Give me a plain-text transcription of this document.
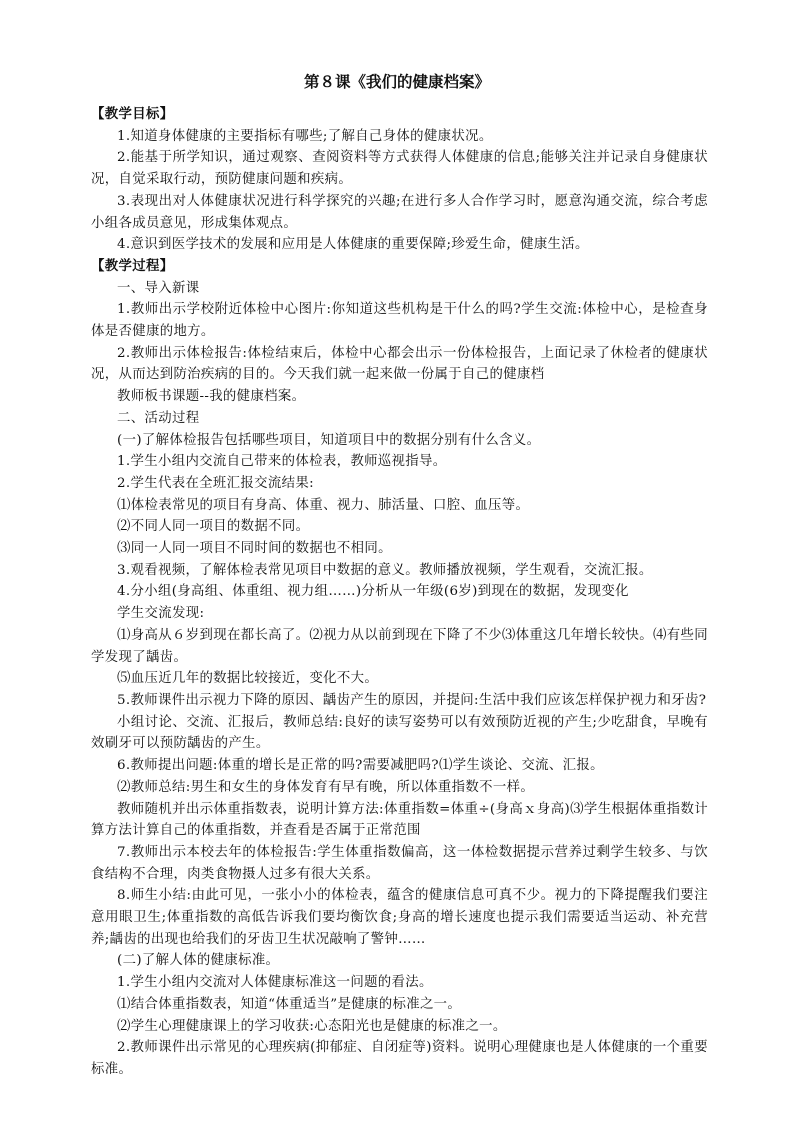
第８课《我们的健康档案》

【教学目标】

1.知道身体健康的主要指标有哪些;了解自己身体的健康状况。

2.能基于所学知识，通过观察、查阅资料等方式获得人体健康的信息;能够关注并记录自身健康状况，自觉采取行动，预防健康问题和疾病。

3.表现出对人体健康状况进行科学探究的兴趣;在进行多人合作学习时，愿意沟通交流，综合考虑小组各成员意见，形成集体观点。

4.意识到医学技术的发展和应用是人体健康的重要保障;珍爱生命，健康生活。

【教学过程】

一、导入新课

1.教师出示学校附近体检中心图片:你知道这些机构是干什么的吗?学生交流:体检中心，是检查身体是否健康的地方。

2.教师出示体检报告:体检结束后，体检中心都会出示一份体检报告，上面记录了休检者的健康状况，从而达到防治疾病的目的。今天我们就一起来做一份属于自己的健康档

教师板书课题--我的健康档案。

二、活动过程

(一)了解体检报告包括哪些项目，知道项目中的数据分别有什么含义。

1.学生小组内交流自己带来的体检表，教师巡视指导。

2.学生代表在全班汇报交流结果:

⑴体检表常见的项目有身高、体重、视力、肺活量、口腔、血压等。

⑵不同人同一项目的数据不同。

⑶同一人同一项目不同时间的数据也不相同。

3.观看视频，了解体检表常见项目中数据的意义。教师播放视频，学生观看，交流汇报。

4.分小组(身高组、体重组、视力组……)分析从一年级(6岁)到现在的数据，发现变化

学生交流发现:

⑴身高从６岁到现在都长高了。⑵视力从以前到现在下降了不少⑶体重这几年增长较快。⑷有些同学发现了龋齿。

⑸血压近几年的数据比较接近，变化不大。

5.教师课件出示视力下降的原因、龋齿产生的原因，并提问:生活中我们应该怎样保护视力和牙齿?

小组讨论、交流、汇报后，教师总结:良好的读写姿势可以有效预防近视的产生;少吃甜食，早晚有效刷牙可以预防龋齿的产生。

6.教师提出问题:体重的增长是正常的吗?需要减肥吗?⑴学生谈论、交流、汇报。

⑵教师总结:男生和女生的身体发育有早有晚，所以体重指数不一样。

教师随机并出示体重指数表，说明计算方法:体重指数=体重÷(身高ｘ身高)⑶学生根据体重指数计算方法计算自己的体重指数，并查看是否属于正常范围

7.教师出示本校去年的体检报告:学生体重指数偏高，这一体检数据提示营养过剩学生较多、与饮食结构不合理，肉类食物摄人过多有很大关系。

8.师生小结:由此可见，一张小小的体检表，蕴含的健康信息可真不少。视力的下降提醒我们要注意用眼卫生;体重指数的高低告诉我们要均衡饮食;身高的增长速度也提示我们需要适当运动、补充营养;龋齿的出现也给我们的牙齿卫生状况敲响了警钟……

(二)了解人体的健康标准。

1.学生小组内交流对人体健康标准这一问题的看法。

⑴结合体重指数表，知道“体重适当”是健康的标准之一。

⑵学生心理健康课上的学习收获:心态阳光也是健康的标准之一。

2.教师课件出示常见的心理疾病(抑郁症、自闭症等)资料。说明心理健康也是人体健康的一个重要标准。
